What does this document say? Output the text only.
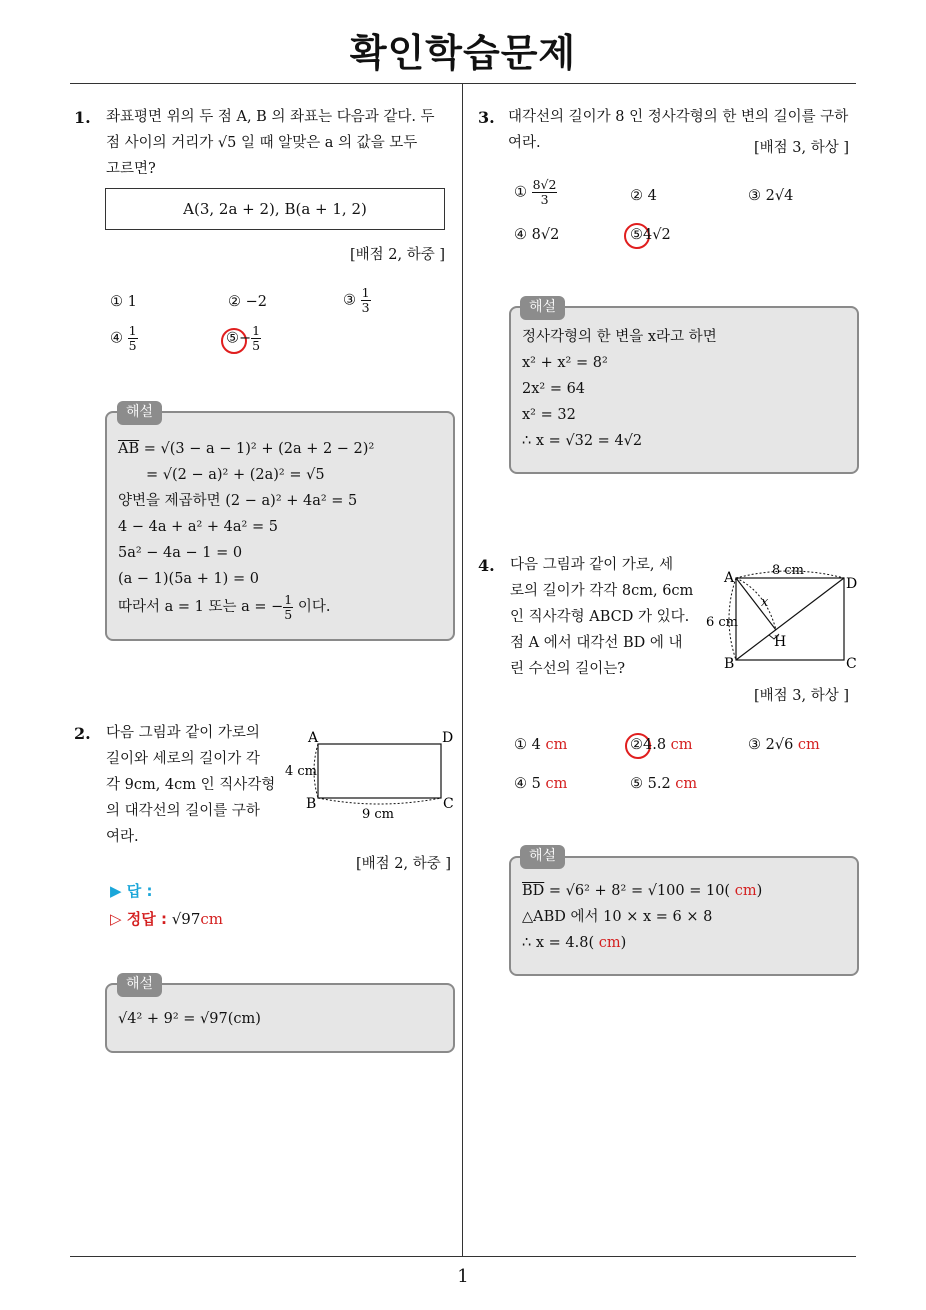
확인학습문제
1
1. 좌표평면 위의 두 점 A, B 의 좌표는 다음과 같다. 두
점 사이의 거리가 √5 일 때 알맞은 a 의 값을 모두
고르면?
A(3, 2a + 2), B(a + 1, 2)
[배점 2, 하중 ]
① 1	② −2	③ $\frac{1}{3}$
④ $\frac{1}{5}$	⑤− $\frac{1}{5}$
해설
$\overline{AB} = √(3 - a - 1)^2 + (2a + 2 - 2)^2$
= √(2 − a)² + (2a)² = √5
양변을 제곱하면 (2 − a)² + 4a² = 5
4 − 4a + a² + 4a² = 5
5a² − 4a − 1 = 0
(a − 1)(5a + 1) = 0
따라서 a = 1 또는 a = − $\frac{1}{5}$ 이다.
2. 다음 그림과 같이 가로의
길이와 세로의 길이가 각
각 9cm, 4cm 인 직사각형
의 대각선의 길이를 구하
여라.
A	D
B	C
4 cm
9 cm
[배점 2, 하중 ]
▶ 답 :
▷ 정답 : √97cm
해설
√4² + 9² = √97(cm)
3. 대각선의 길이가 8 인 정사각형의 한 변의 길이를 구하
여라.	[배점 3, 하상 ]
① $\frac{8√2}{3}$	② 4	③ 2√4
④ 8√2	⑤4√2
해설
정사각형의 한 변을 x라고 하면
x² + x² = 8²
2x² = 64
x² = 32
∴ x = √32 = 4√2
4. 다음 그림과 같이 가로, 세
로의 길이가 각각 8cm, 6cm
인 직사각형 ABCD 가 있다.
점 A 에서 대각선 BD 에 내
린 수선의 길이는?
A	D
B	C
H
x
6 cm
8 cm
[배점 3, 하상 ]
① 4 cm	②4.8 cm	③ 2√6 cm
④ 5 cm	⑤ 5.2 cm
해설
$\overline{BD} = √6^2 + 8^2 = √100 = 10$( cm)
△ABD 에서 10 × x = 6 × 8
∴ x = 4.8( cm)
